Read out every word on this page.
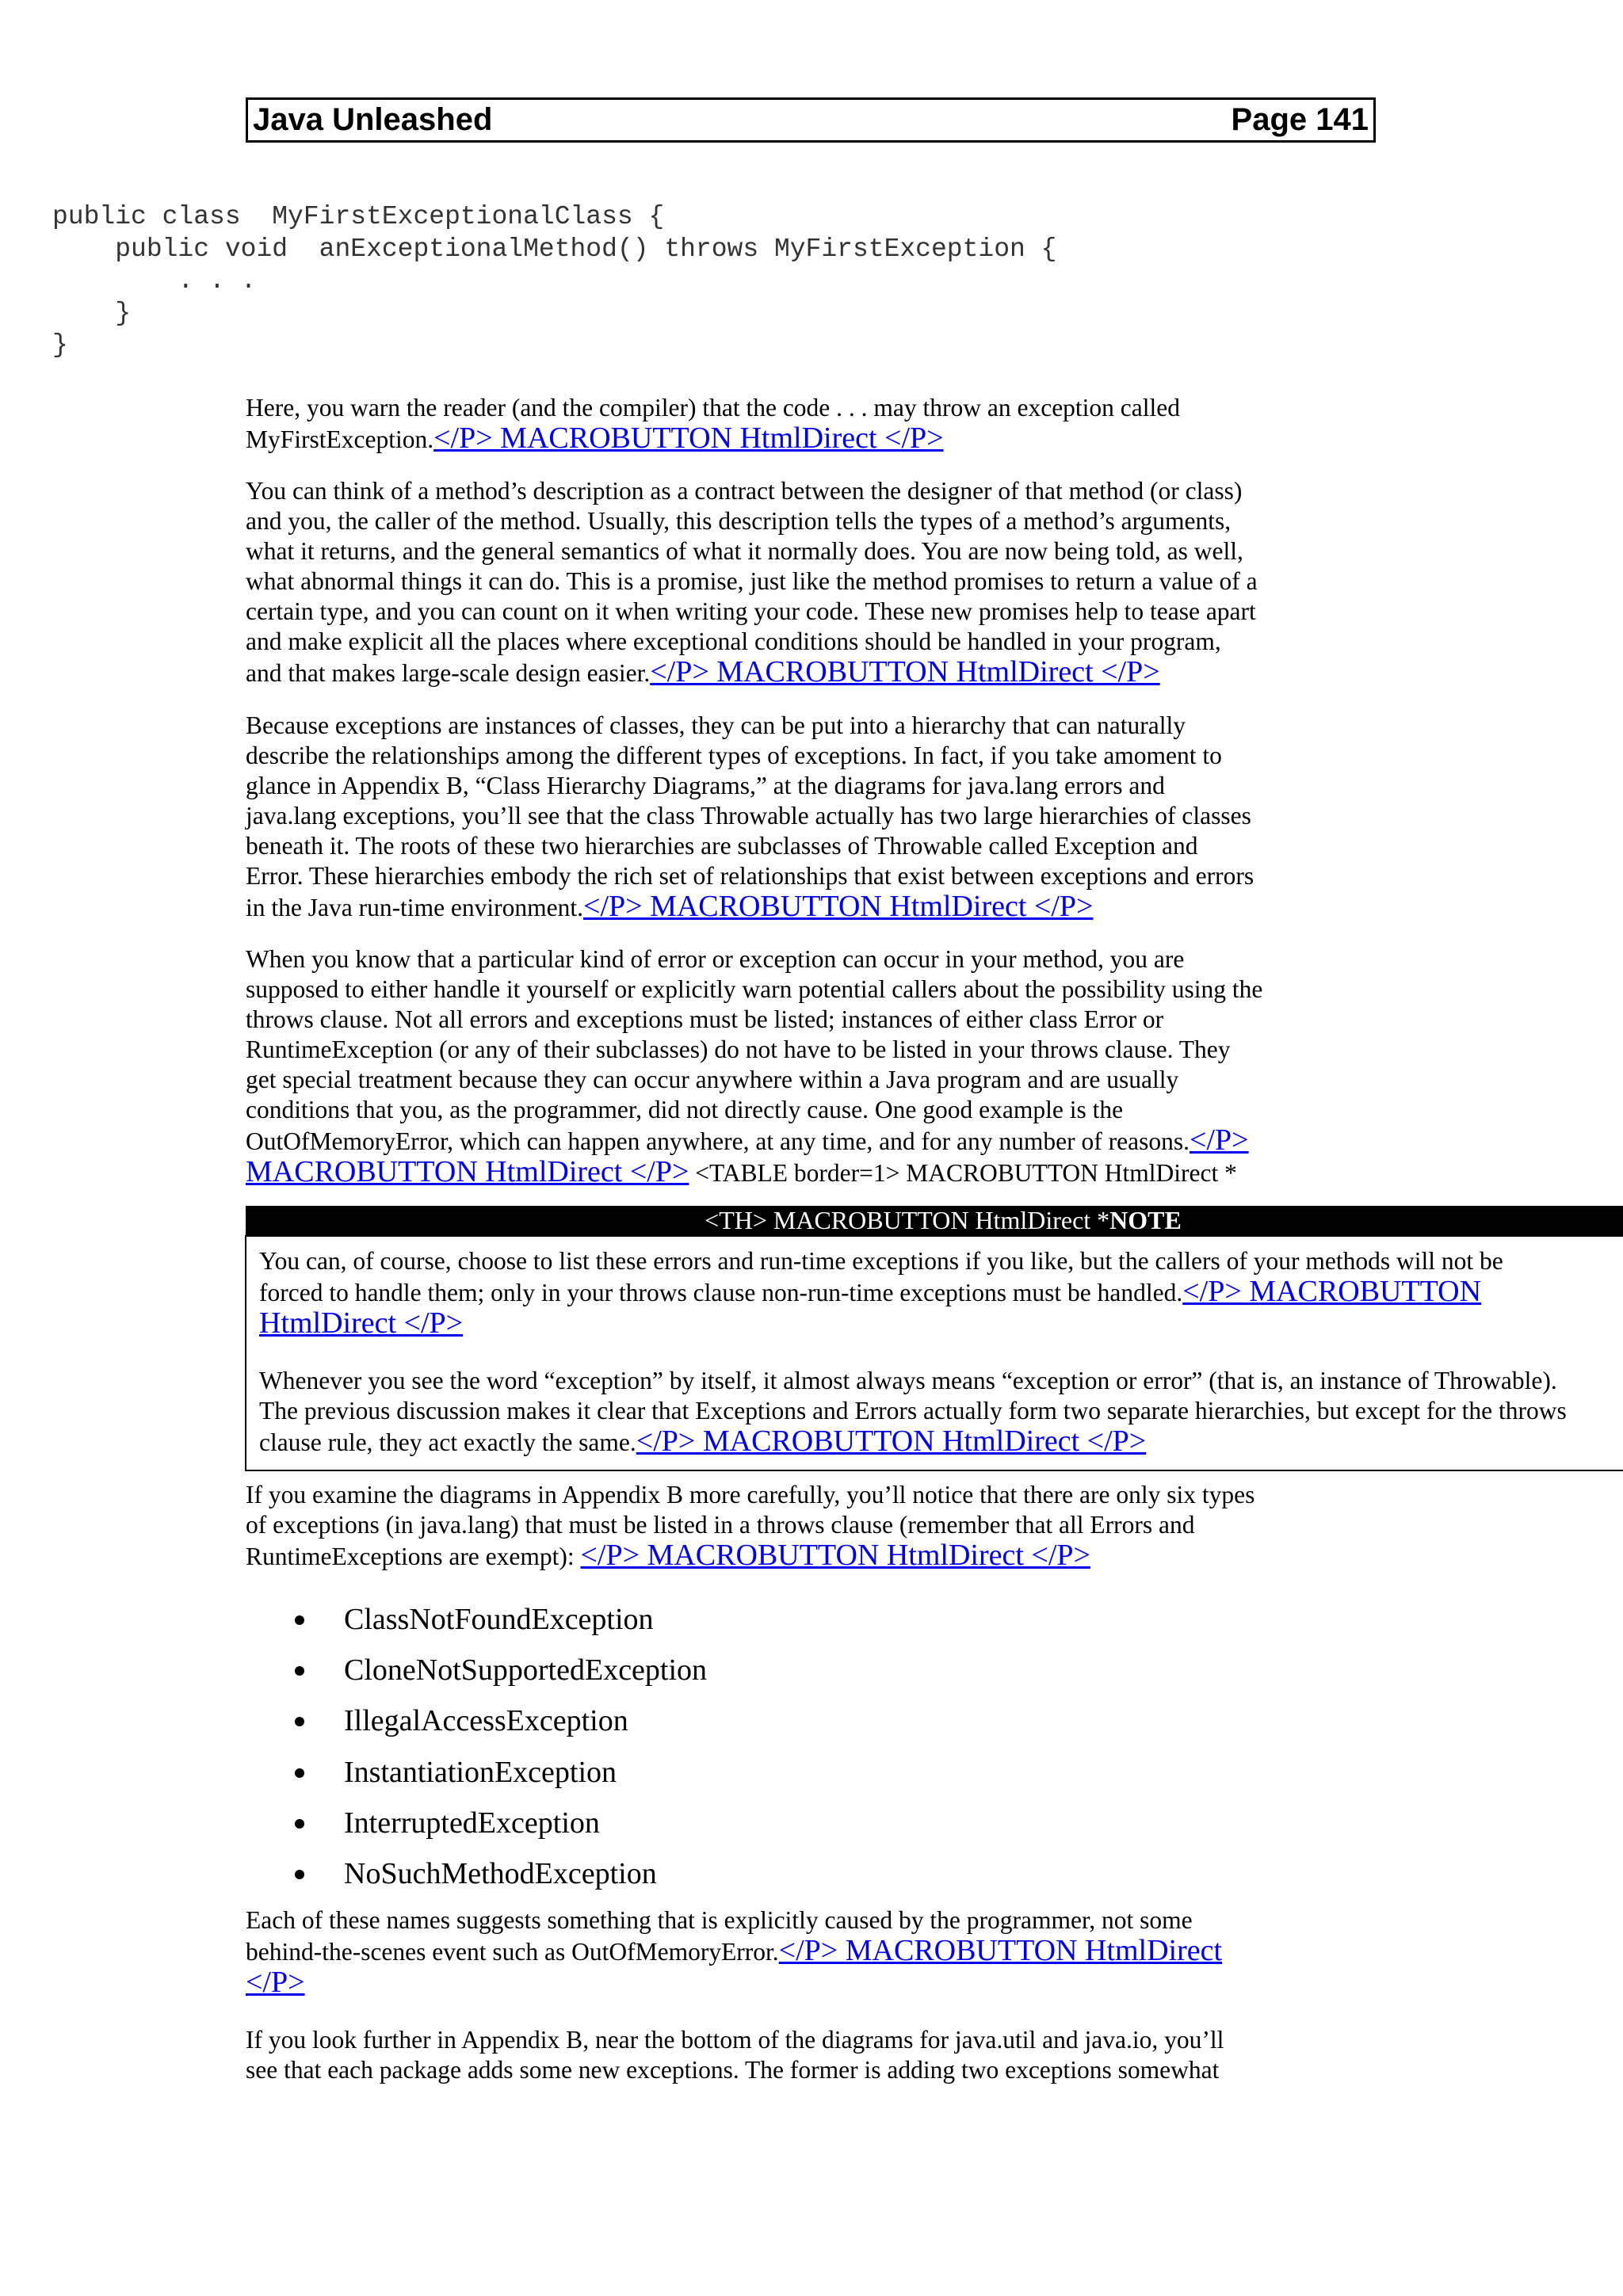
Java Unleashed	Page 141
public class  MyFirstExceptionalClass {
public void  anExceptionalMethod() throws MyFirstException {
. . .
}
}
Here, you warn the reader (and the compiler) that the code . . . may throw an exception called
MyFirstException.</P> MACROBUTTON HtmlDirect </P>
You can think of a method’s description as a contract between the designer of that method (or class)
and you, the caller of the method. Usually, this description tells the types of a method’s arguments,
what it returns, and the general semantics of what it normally does. You are now being told, as well,
what abnormal things it can do. This is a promise, just like the method promises to return a value of a
certain type, and you can count on it when writing your code. These new promises help to tease apart
and make explicit all the places where exceptional conditions should be handled in your program,
and that makes large-scale design easier.</P> MACROBUTTON HtmlDirect </P>
Because exceptions are instances of classes, they can be put into a hierarchy that can naturally
describe the relationships among the different types of exceptions. In fact, if you take amoment to
glance in Appendix B, “Class Hierarchy Diagrams,” at the diagrams for java.lang errors and
java.lang exceptions, you’ll see that the class Throwable actually has two large hierarchies of classes
beneath it. The roots of these two hierarchies are subclasses of Throwable called Exception and
Error. These hierarchies embody the rich set of relationships that exist between exceptions and errors
in the Java run-time environment.</P> MACROBUTTON HtmlDirect </P>
When you know that a particular kind of error or exception can occur in your method, you are
supposed to either handle it yourself or explicitly warn potential callers about the possibility using the
throws clause. Not all errors and exceptions must be listed; instances of either class Error or
RuntimeException (or any of their subclasses) do not have to be listed in your throws clause. They
get special treatment because they can occur anywhere within a Java program and are usually
conditions that you, as the programmer, did not directly cause. One good example is the
OutOfMemoryError, which can happen anywhere, at any time, and for any number of reasons.</P>
MACROBUTTON HtmlDirect </P> <TABLE border=1> MACROBUTTON HtmlDirect *
<TH> MACROBUTTON HtmlDirect *NOTE
You can, of course, choose to list these errors and run-time exceptions if you like, but the callers of your methods will not be
forced to handle them; only in your throws clause non-run-time exceptions must be handled.</P> MACROBUTTON
HtmlDirect </P>
Whenever you see the word “exception” by itself, it almost always means “exception or error” (that is, an instance of Throwable).
The previous discussion makes it clear that Exceptions and Errors actually form two separate hierarchies, but except for the throws
clause rule, they act exactly the same.</P> MACROBUTTON HtmlDirect </P>
If you examine the diagrams in Appendix B more carefully, you’ll notice that there are only six types
of exceptions (in java.lang) that must be listed in a throws clause (remember that all Errors and
RuntimeExceptions are exempt): </P> MACROBUTTON HtmlDirect </P>
ClassNotFoundException
CloneNotSupportedException
IllegalAccessException
InstantiationException
InterruptedException
NoSuchMethodException
Each of these names suggests something that is explicitly caused by the programmer, not some
behind-the-scenes event such as OutOfMemoryError.</P> MACROBUTTON HtmlDirect
</P>
If you look further in Appendix B, near the bottom of the diagrams for java.util and java.io, you’ll
see that each package adds some new exceptions. The former is adding two exceptions somewhat
